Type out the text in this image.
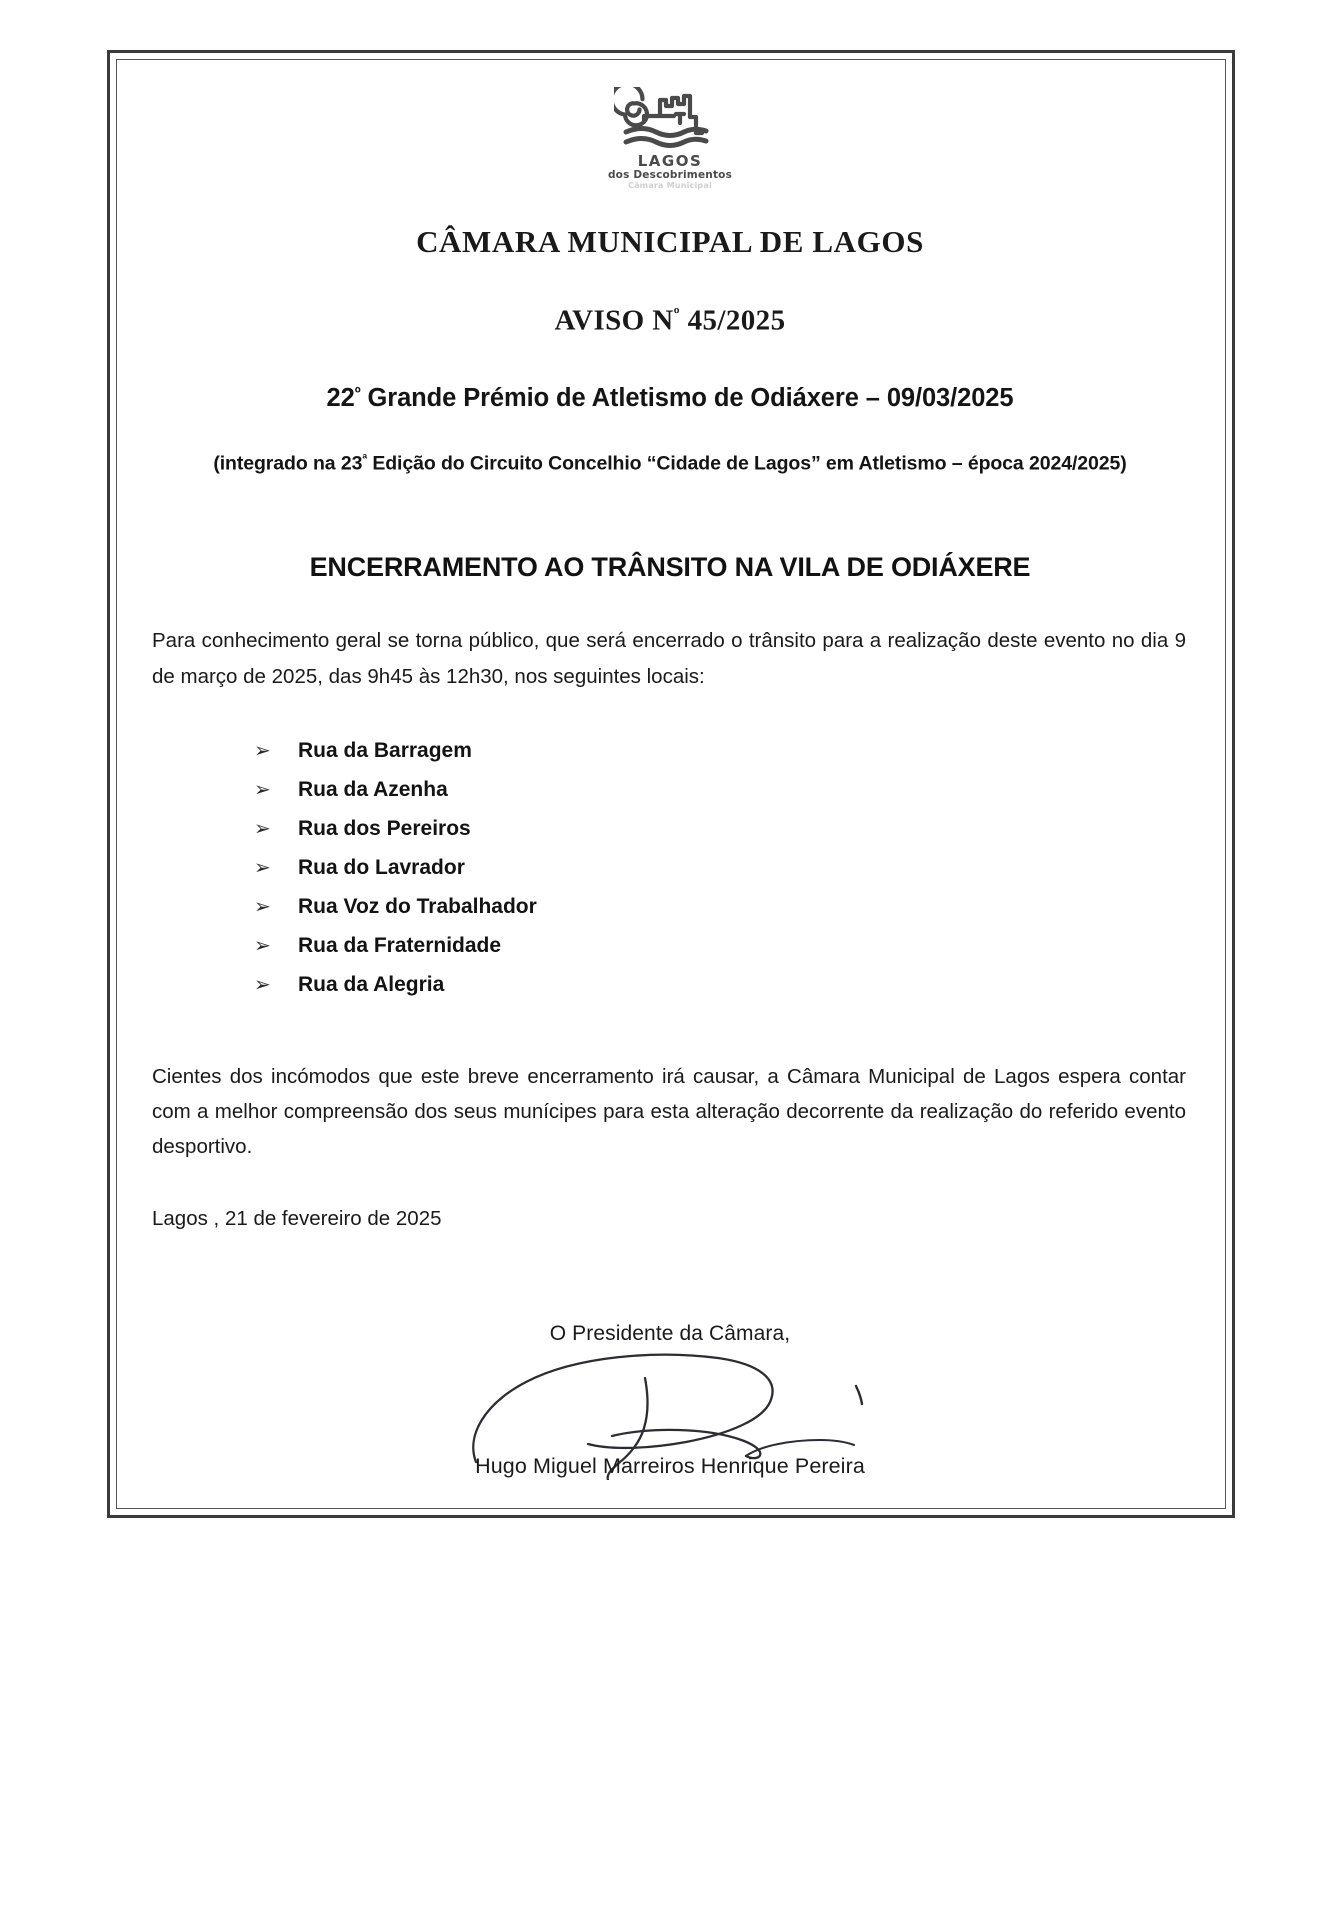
LAGOS
dos Descobrimentos
Câmara Municipal
CÂMARA MUNICIPAL DE LAGOS
AVISO $N^º$ 45/2025
$22^º$ Grande Prémio de Atletismo de Odiáxere – 09/03/2025
(integrado na $23^ª$ Edição do Circuito Concelhio “Cidade de Lagos” em Atletismo – época 2024/2025)
ENCERRAMENTO AO TRÂNSITO NA VILA DE ODIÁXERE

Para conhecimento geral se torna público, que será encerrado o trânsito para a realização deste evento no dia 9 de março de 2025, das 9h45 às 12h30, nos seguintes locais:

➢	Rua da Barragem
➢	Rua da Azenha
➢	Rua dos Pereiros
➢	Rua do Lavrador
➢	Rua Voz do Trabalhador
➢	Rua da Fraternidade
➢	Rua da Alegria

Cientes dos incómodos que este breve encerramento irá causar, a Câmara Municipal de Lagos espera contar com a melhor compreensão dos seus munícipes para esta alteração decorrente da realização do referido evento desportivo.

Lagos , 21 de fevereiro de 2025

O Presidente da Câmara,
Hugo Miguel Marreiros Henrique Pereira
